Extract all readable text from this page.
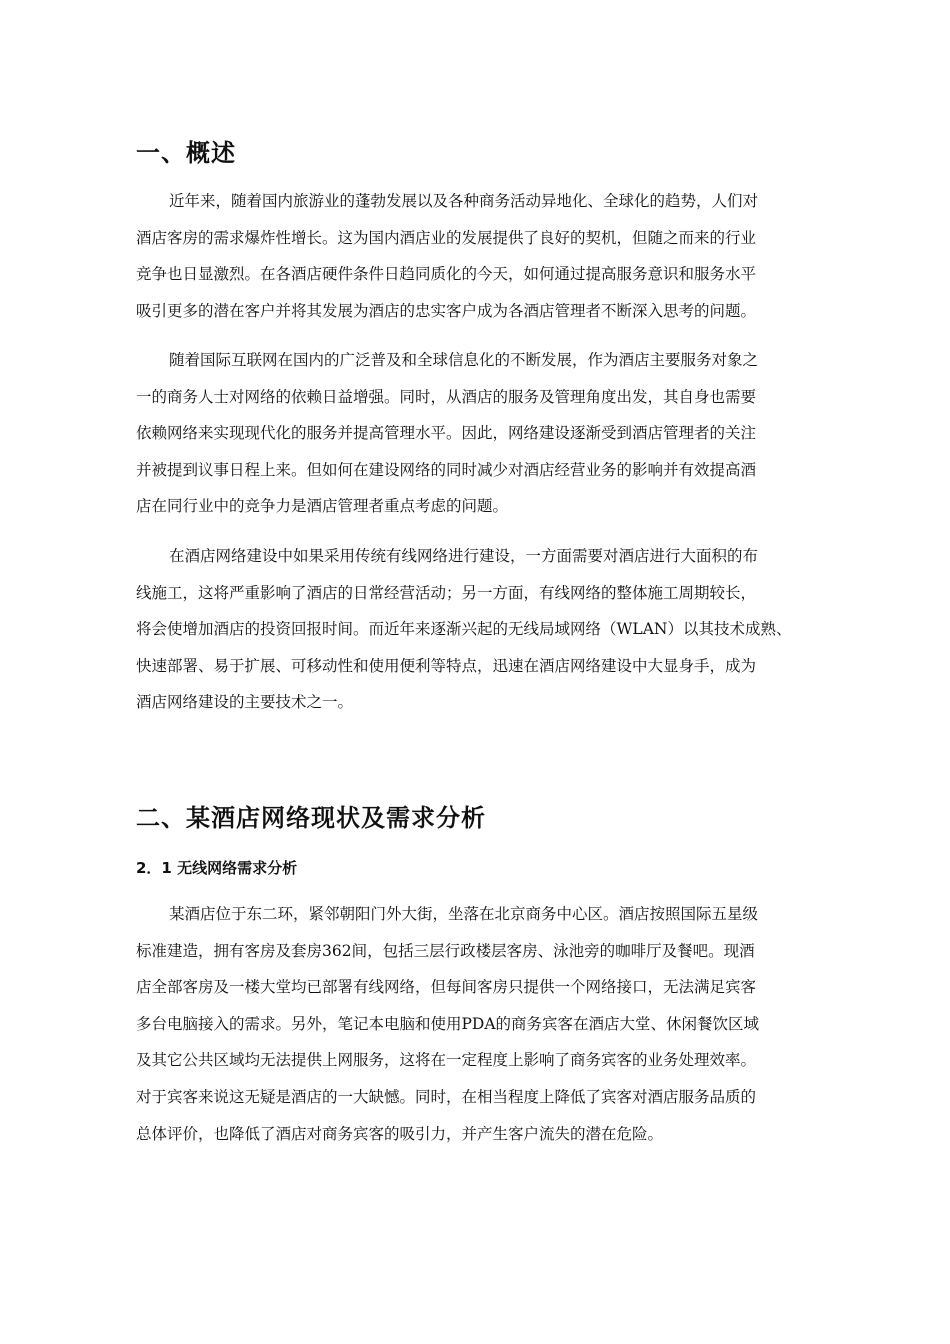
一、概述
近年来，随着国内旅游业的蓬勃发展以及各种商务活动异地化、全球化的趋势，人们对
酒店客房的需求爆炸性增长。这为国内酒店业的发展提供了良好的契机，但随之而来的行业
竞争也日显激烈。在各酒店硬件条件日趋同质化的今天，如何通过提高服务意识和服务水平
吸引更多的潜在客户并将其发展为酒店的忠实客户成为各酒店管理者不断深入思考的问题。
随着国际互联网在国内的广泛普及和全球信息化的不断发展，作为酒店主要服务对象之
一的商务人士对网络的依赖日益增强。同时，从酒店的服务及管理角度出发，其自身也需要
依赖网络来实现现代化的服务并提高管理水平。因此，网络建设逐渐受到酒店管理者的关注
并被提到议事日程上来。但如何在建设网络的同时减少对酒店经营业务的影响并有效提高酒
店在同行业中的竞争力是酒店管理者重点考虑的问题。
在酒店网络建设中如果采用传统有线网络进行建设，一方面需要对酒店进行大面积的布
线施工，这将严重影响了酒店的日常经营活动；另一方面，有线网络的整体施工周期较长，
将会使增加酒店的投资回报时间。而近年来逐渐兴起的无线局域网络（WLAN）以其技术成熟、
快速部署、易于扩展、可移动性和使用便利等特点，迅速在酒店网络建设中大显身手，成为
酒店网络建设的主要技术之一。
二、某酒店网络现状及需求分析
2．1 无线网络需求分析
某酒店位于东二环，紧邻朝阳门外大街，坐落在北京商务中心区。酒店按照国际五星级
标准建造，拥有客房及套房362间，包括三层行政楼层客房、泳池旁的咖啡厅及餐吧。现酒
店全部客房及一楼大堂均已部署有线网络，但每间客房只提供一个网络接口，无法满足宾客
多台电脑接入的需求。另外，笔记本电脑和使用PDA的商务宾客在酒店大堂、休闲餐饮区域
及其它公共区域均无法提供上网服务，这将在一定程度上影响了商务宾客的业务处理效率。
对于宾客来说这无疑是酒店的一大缺憾。同时，在相当程度上降低了宾客对酒店服务品质的
总体评价，也降低了酒店对商务宾客的吸引力，并产生客户流失的潜在危险。
